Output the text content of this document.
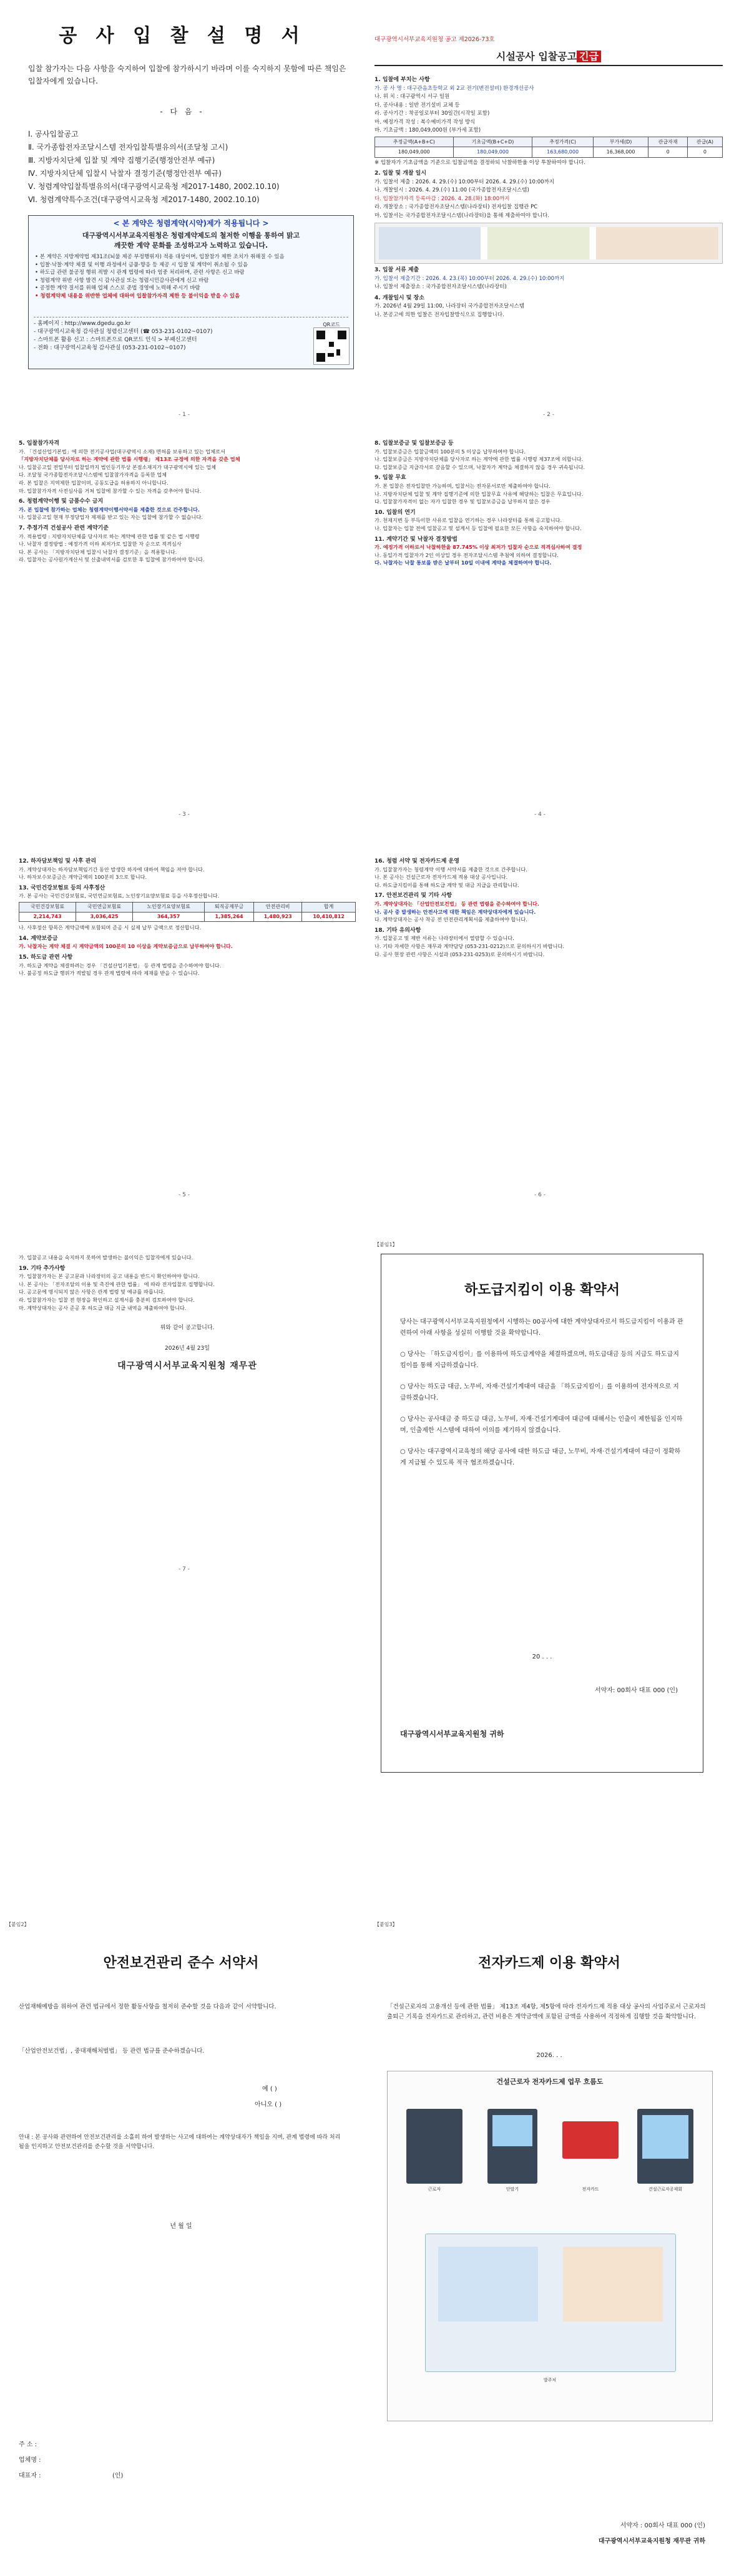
공 사 입 찰 설 명 서
입찰 참가자는 다음 사항을 숙지하여 입찰에 참가하시기 바라며 이를 숙지하지 못함에 따른 책임은 입찰자에게 있습니다.
- 다 음 -
Ⅰ. 공사입찰공고
Ⅱ. 국가종합전자조달시스템 전자입찰특별유의서(조달청 고시)
Ⅲ. 지방자치단체 입찰 및 계약 집행기준(행정안전부 예규)
Ⅳ. 지방자치단체 입찰시 낙찰자 결정기준(행정안전부 예규)
Ⅴ. 청렴계약입찰특별유의서(대구광역시교육청 제2017-1480, 2002.10.10)
Ⅵ. 청렴계약특수조건(대구광역시교육청 제2017-1480, 2002.10.10)
< 본 계약은 청렴계약(시약)제가 적용됩니다 >
대구광역시서부교육지원청은 청렴계약제도의 철저한 이행을 통하여 맑고
깨끗한 계약 문화를 조성하고자 노력하고 있습니다.
• 본 계약은 지방계약법 제31조(뇌물 제공 부정행위자) 적용 대상이며, 입찰참가 제한 조치가 취해질 수 있음
• 입찰·낙찰·계약 체결 및 이행 과정에서 금품·향응 등 제공 시 입찰 및 계약이 취소될 수 있음
• 하도급 관련 불공정 행위 적발 시 관계 법령에 따라 엄중 처리하며, 관련 사항은 신고 바람
• 청렴계약 위반 사항 발견 시 감사관실 또는 청렴시민감사관에게 신고 바람
• 공정한 계약 질서를 위해 업체 스스로 준법 경영에 노력해 주시기 바람
• 청렴계약제 내용을 위반한 업체에 대하여 입찰참가자격 제한 등 불이익을 받을 수 있음
- 홈페이지 : http://www.dgedu.go.kr
- 대구광역시교육청 감사관실 청렴신고센터 (☎ 053-231-0102~0107)
- 스마트폰 활용 신고 : 스마트폰으로 QR코드 인식 > 부패신고센터
- 전화 : 대구광역시교육청 감사관실 (053-231-0102~0107)
QR코드
- 1 -
대구광역시서부교육지원청 공고 제2026-73호
시설공사 입찰공고 긴급
1. 입찰에 부치는 사항
가. 공 사 명 : 대구관음초등학교 외 2교 전기(변전설비) 환경개선공사
나. 위 치 : 대구광역시 서구 일원
다. 공사내용 : 일반 전기설비 교체 등
라. 공사기간 : 착공일로부터 30일간(시작일 포함)
마. 예정가격 작성 : 복수예비가격 작성 방식
바. 기초금액 : 180,049,000원 (부가세 포함)
추정금액(A+B+C)	기초금액(B+C+D)	추정가격(C)	부가세(D)	관급자재	관급(A)
180,049,000	180,049,000	163,680,000	16,368,000	0	0
※ 입찰자가 기초금액을 기준으로 입찰금액을 결정하되 낙찰하한율 이상 투찰하여야 합니다.
2. 입찰 및 개찰 일시
가. 입찰서 제출 : 2026. 4. 29.(수) 10:00부터 2026. 4. 29.(수) 10:00까지
나. 개찰일시 : 2026. 4. 29.(수) 11:00 (국가종합전자조달시스템)
다. 입찰참가자격 등록마감 : 2026. 4. 28.(화) 18:00까지
라. 개찰장소 : 국가종합전자조달시스템(나라장터) 전자입찰 집행관 PC
마. 입찰서는 국가종합전자조달시스템(나라장터)을 통해 제출하여야 합니다.
3. 입찰 서류 제출
가. 입찰서 제출기간 : 2026. 4. 23.(목) 10:00부터 2026. 4. 29.(수) 10:00까지
나. 입찰서 제출장소 : 국가종합전자조달시스템(나라장터)
4. 개찰일시 및 장소
가. 2026년 4월 29일 11:00, 나라장터 국가종합전자조달시스템
나. 본공고에 의한 입찰은 전자입찰방식으로 집행합니다.
- 2 -
5. 입찰참가자격

가. 「건설산업기본법」에 의한 전기공사업(대구광역시 소재) 면허를 보유하고 있는 업체로서

「지방자치단체를 당사자로 하는 계약에 관한 법률 시행령」 제13조 규정에 의한 자격을 갖춘 업체

나. 입찰공고일 전일부터 입찰일까지 법인등기부상 본점소재지가 대구광역시에 있는 업체

다. 조달청 국가종합전자조달시스템에 입찰참가자격을 등록한 업체

라. 본 입찰은 지역제한 입찰이며, 공동도급을 허용하지 아니합니다.

마. 입찰참가자격 사전심사를 거쳐 입찰에 참가할 수 있는 자격을 갖추어야 합니다.

6. 청렴계약이행 및 금품수수 금지

가. 본 입찰에 참가하는 업체는 청렴계약이행서약서를 제출한 것으로 간주합니다.

나. 입찰공고일 현재 부정당업자 제재를 받고 있는 자는 입찰에 참가할 수 없습니다.

7. 추정가격 건설공사 관련 계약기준

가. 적용법령 : 지방자치단체를 당사자로 하는 계약에 관한 법률 및 같은 법 시행령

나. 낙찰자 결정방법 : 예정가격 이하 최저가로 입찰한 자 순으로 적격심사

다. 본 공사는 「지방자치단체 입찰시 낙찰자 결정기준」을 적용합니다.

라. 입찰자는 공사원가계산서 및 산출내역서를 검토한 후 입찰에 참가하여야 합니다.

- 3 -
8. 입찰보증금 및 입찰보증금 등

가. 입찰보증금은 입찰금액의 100분의 5 이상을 납부하여야 합니다.

나. 입찰보증금은 지방자치단체를 당사자로 하는 계약에 관한 법률 시행령 제37조에 의합니다.

다. 입찰보증금 지급각서로 갈음할 수 있으며, 낙찰자가 계약을 체결하지 않을 경우 귀속됩니다.

9. 입찰 무효

가. 본 입찰은 전자입찰만 가능하며, 입찰서는 전자문서로만 제출하여야 합니다.

나. 지방자치단체 입찰 및 계약 집행기준에 의한 입찰무효 사유에 해당하는 입찰은 무효입니다.

다. 입찰참가자격이 없는 자가 입찰한 경우 및 입찰보증금을 납부하지 않은 경우

10. 입찰의 연기

가. 천재지변 등 부득이한 사유로 입찰을 연기하는 경우 나라장터를 통해 공고합니다.

나. 입찰자는 입찰 전에 입찰공고 및 설계서 등 입찰에 필요한 모든 사항을 숙지하여야 합니다.

11. 계약기간 및 낙찰자 결정방법

가. 예정가격 이하로서 낙찰하한율 87.745% 이상 최저가 입찰자 순으로 적격심사하여 결정

나. 동일가격 입찰자가 2인 이상일 경우 전자조달시스템 추첨에 의하여 결정합니다.

다. 낙찰자는 낙찰 통보를 받은 날부터 10일 이내에 계약을 체결하여야 합니다.

- 4 -
12. 하자담보책임 및 사후 관리

가. 계약상대자는 하자담보책임기간 동안 발생한 하자에 대하여 책임을 져야 합니다.

나. 하자보수보증금은 계약금액의 100분의 3으로 합니다.

13. 국민건강보험료 등의 사후정산

가. 본 공사는 국민건강보험료, 국민연금보험료, 노인장기요양보험료 등을 사후정산합니다.

국민건강보험료	국민연금보험료	노인장기요양보험료	퇴직공제부금	안전관리비	합계
2,214,743	3,036,425	364,357	1,385,264	1,480,923	10,410,812

나. 사후정산 항목은 계약금액에 포함되며 준공 시 실제 납부 금액으로 정산합니다.

14. 계약보증금

가. 낙찰자는 계약 체결 시 계약금액의 100분의 10 이상을 계약보증금으로 납부하여야 합니다.

15. 하도급 관련 사항

가. 하도급 계약을 체결하려는 경우 「건설산업기본법」 등 관계 법령을 준수하여야 합니다.

나. 불공정 하도급 행위가 적발될 경우 관계 법령에 따라 제재를 받을 수 있습니다.

- 5 -
16. 청렴 서약 및 전자카드제 운영

가. 입찰참가자는 청렴계약 이행 서약서를 제출한 것으로 간주합니다.

나. 본 공사는 건설근로자 전자카드제 적용 대상 공사입니다.

다. 하도급지킴이를 통해 하도급 계약 및 대금 지급을 관리합니다.

17. 안전보건관리 및 기타 사항

가. 계약상대자는 「산업안전보건법」 등 관련 법령을 준수하여야 합니다.

나. 공사 중 발생하는 안전사고에 대한 책임은 계약상대자에게 있습니다.

다. 계약상대자는 공사 착공 전 안전관리계획서를 제출하여야 합니다.

18. 기타 유의사항

가. 입찰공고 및 제반 서류는 나라장터에서 열람할 수 있습니다.

나. 기타 자세한 사항은 재무과 계약담당 (053-231-0212)으로 문의하시기 바랍니다.

다. 공사 현장 관련 사항은 시설과 (053-231-0253)로 문의하시기 바랍니다.

- 6 -

가. 입찰공고 내용을 숙지하지 못하여 발생하는 불이익은 입찰자에게 있습니다.

19. 기타 추가사항

가. 입찰참가자는 본 공고문과 나라장터의 공고 내용을 반드시 확인하여야 합니다.

나. 본 공사는 「전자조달의 이용 및 촉진에 관한 법률」 에 따라 전자입찰로 집행합니다.

다. 공고문에 명시되지 않은 사항은 관계 법령 및 예규를 따릅니다.

라. 입찰참가자는 입찰 전 현장을 확인하고 설계서를 충분히 검토하여야 합니다.

마. 계약상대자는 공사 준공 후 하도급 대금 지급 내역을 제출하여야 합니다.

위와 같이 공고합니다.
2026년 4월 23일
대구광역시서부교육지원청 재무관
- 7 -
【붙임1】
하도급지킴이 이용 확약서

당사는 대구광역시서부교육지원청에서 시행하는 00공사에 대한 계약상대자로서 하도급지킴이 이용과 관련하여 아래 사항을 성실히 이행할 것을 확약합니다.

○ 당사는 「하도급지킴이」를 이용하여 하도급계약을 체결하겠으며, 하도급대금 등의 지급도 하도급지킴이를 통해 지급하겠습니다.

○ 당사는 하도급 대금, 노무비, 자재·건설기계대여 대금을 「하도급지킴이」를 이용하여 전자적으로 지급하겠습니다.

○ 당사는 공사대금 중 하도급 대금, 노무비, 자재·건설기계대여 대금에 대해서는 인출이 제한됨을 인지하며, 인출제한 시스템에 대하여 이의를 제기하지 않겠습니다.

○ 당사는 대구광역시교육청의 해당 공사에 대한 하도급 대금, 노무비, 자재·건설기계대여 대금이 정확하게 지급될 수 있도록 적극 협조하겠습니다.

20 . . .
서약자: 00회사 대표 000 (인)
대구광역시서부교육지원청 귀하
【붙임2】
안전보건관리 준수 서약서
산업재해예방을 위하여 관련 법규에서 정한 활동사항을 철저히 준수할 것을 다음과 같이 서약합니다.
「산업안전보건법」, 중대재해처벌법」 등 관련 법규를 준수하겠습니다.
예 ( )
아니오 ( )
안내 : 본 공사와 관련하여 안전보건관리를 소홀히 하여 발생하는 사고에 대하여는 계약상대자가 책임을 지며, 관계 법령에 따라 처리됨을 인지하고 안전보건관리를 준수할 것을 서약합니다.
년 월 일
주 소 :
업체명 :
대표자 :	(인)
【붙임3】
전자카드제 이용 확약서
「건설근로자의 고용개선 등에 관한 법률」 제13조 제4항, 제5항에 따라 전자카드제 적용 대상 공사의 사업주로서 근로자의 출퇴근 기록을 전자카드로 관리하고, 관련 비용은 계약금액에 포함된 금액을 사용하여 적정하게 집행할 것을 확약합니다.
2026. . .
건설근로자 전자카드제 업무 흐름도
근로자	단말기	전자카드	건설근로자공제회
발주처
서약자 : 00회사 대표 000 (인)
대구광역시서부교육지원청 재무관 귀하
